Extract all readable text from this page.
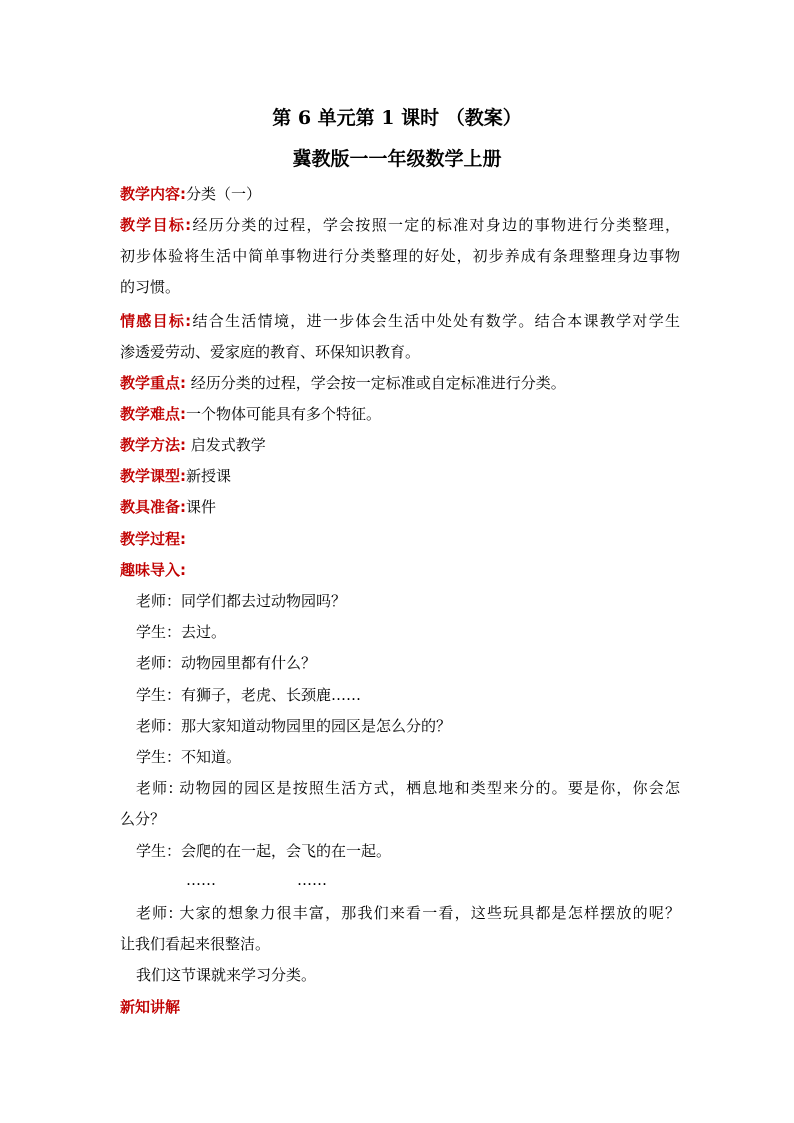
第 6 单元第 1 课时 （教案）
冀教版一一年级数学上册
教学内容:分类（一）
教学目标:经历分类的过程，学会按照一定的标准对身边的事物进行分类整理，
初步体验将生活中简单事物进行分类整理的好处，初步养成有条理整理身边事物
的习惯。
情感目标:结合生活情境，进一步体会生活中处处有数学。结合本课教学对学生
渗透爱劳动、爱家庭的教育、环保知识教育。
教学重点: 经历分类的过程，学会按一定标准或自定标准进行分类。
教学难点:一个物体可能具有多个特征。
教学方法: 启发式教学
教学课型:新授课
教具准备:课件
教学过程:
趣味导入:
老师：同学们都去过动物园吗？
学生：去过。
老师：动物园里都有什么？
学生：有狮子，老虎、长颈鹿……
老师：那大家知道动物园里的园区是怎么分的？
学生：不知道。
老师: 动物园的园区是按照生活方式，栖息地和类型来分的。要是你，你会怎
么分？
学生：会爬的在一起，会飞的在一起。
……	……
老师: 大家的想象力很丰富，那我们来看一看，这些玩具都是怎样摆放的呢？
让我们看起来很整洁。
我们这节课就来学习分类。
新知讲解
